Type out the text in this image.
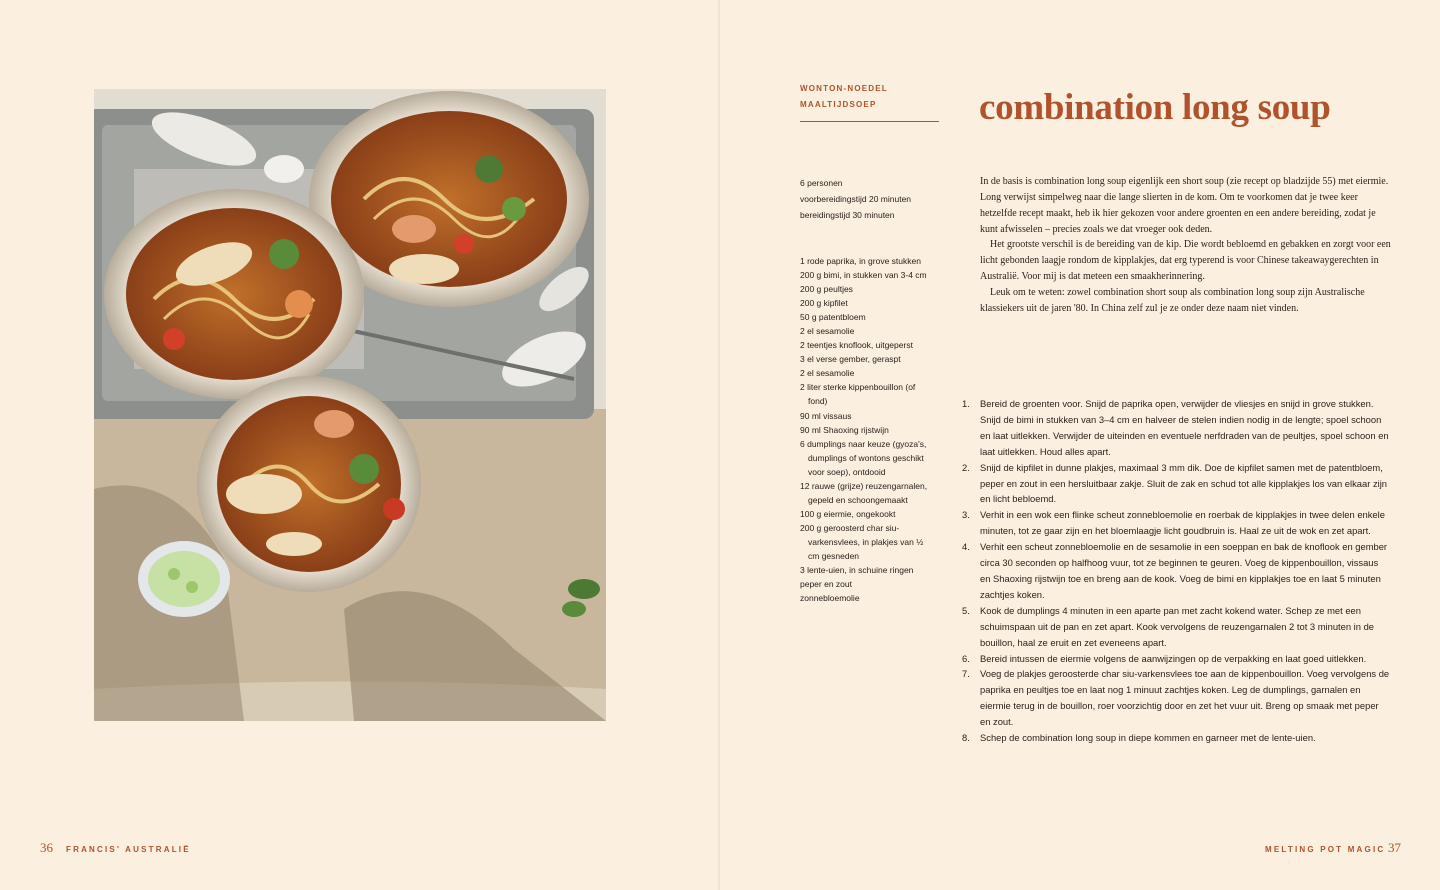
36 FRANCIS' AUSTRALIË
WONTON-NOEDEL
MAALTIJDSOEP	combination long soup
6 personen
voorbereidingstijd 20 minuten
bereidingstijd 30 minuten
1 rode paprika, in grove stukken
200 g bimi, in stukken van 3-4 cm
200 g peultjes
200 g kipfilet
50 g patentbloem
2 el sesamolie
2 teentjes knoflook, uitgeperst
3 el verse gember, geraspt
2 el sesamolie
2 liter sterke kippenbouillon (of fond)
90 ml vissaus
90 ml Shaoxing rijstwijn
6 dumplings naar keuze (gyoza's, dumplings of wontons geschikt voor soep), ontdooid
12 rauwe (grijze) reuzengarnalen, gepeld en schoongemaakt
100 g eiermie, ongekookt
200 g geroosterd char siu-varkensvlees, in plakjes van ½ cm gesneden
3 lente-uien, in schuine ringen
peper en zout
zonnebloemolie

In de basis is combination long soup eigenlijk een short soup (zie recept op bladzijde 55) met eiermie. Long verwijst simpelweg naar die lange slierten in de kom. Om te voorkomen dat je twee keer hetzelfde recept maakt, heb ik hier gekozen voor andere groenten en een andere bereiding, zodat je kunt afwisselen – precies zoals we dat vroeger ook deden.

Het grootste verschil is de bereiding van de kip. Die wordt bebloemd en gebakken en zorgt voor een licht gebonden laagje rondom de kipplakjes, dat erg typerend is voor Chinese takeawaygerechten in Australië. Voor mij is dat meteen een smaakherinnering.

Leuk om te weten: zowel combination short soup als combination long soup zijn Australische klassiekers uit de jaren '80. In China zelf zul je ze onder deze naam niet vinden.

1.	Bereid de groenten voor. Snijd de paprika open, verwijder de vliesjes en snijd in grove stukken. Snijd de bimi in stukken van 3–4 cm en halveer de stelen indien nodig in de lengte; spoel schoon en laat uitlekken. Verwijder de uiteinden en eventuele nerfdraden van de peultjes, spoel schoon en laat uitlekken. Houd alles apart.
2.	Snijd de kipfilet in dunne plakjes, maximaal 3 mm dik. Doe de kipfilet samen met de patentbloem, peper en zout in een hersluitbaar zakje. Sluit de zak en schud tot alle kipplakjes los van elkaar zijn en licht bebloemd.
3.	Verhit in een wok een flinke scheut zonnebloemolie en roerbak de kipplakjes in twee delen enkele minuten, tot ze gaar zijn en het bloemlaagje licht goudbruin is. Haal ze uit de wok en zet apart.
4.	Verhit een scheut zonnebloemolie en de sesamolie in een soeppan en bak de knoflook en gember circa 30 seconden op halfhoog vuur, tot ze beginnen te geuren. Voeg de kippenbouillon, vissaus en Shaoxing rijstwijn toe en breng aan de kook. Voeg de bimi en kipplakjes toe en laat 5 minuten zachtjes koken.
5.	Kook de dumplings 4 minuten in een aparte pan met zacht kokend water. Schep ze met een schuimspaan uit de pan en zet apart. Kook vervolgens de reuzengarnalen 2 tot 3 minuten in de bouillon, haal ze eruit en zet eveneens apart.
6.	Bereid intussen de eiermie volgens de aanwijzingen op de verpakking en laat goed uitlekken.
7.	Voeg de plakjes geroosterde char siu-varkensvlees toe aan de kippenbouillon. Voeg vervolgens de paprika en peultjes toe en laat nog 1 minuut zachtjes koken. Leg de dumplings, garnalen en eiermie terug in de bouillon, roer voorzichtig door en zet het vuur uit. Breng op smaak met peper en zout.
8.	Schep de combination long soup in diepe kommen en garneer met de lente-uien.
MELTING POT MAGIC 37
